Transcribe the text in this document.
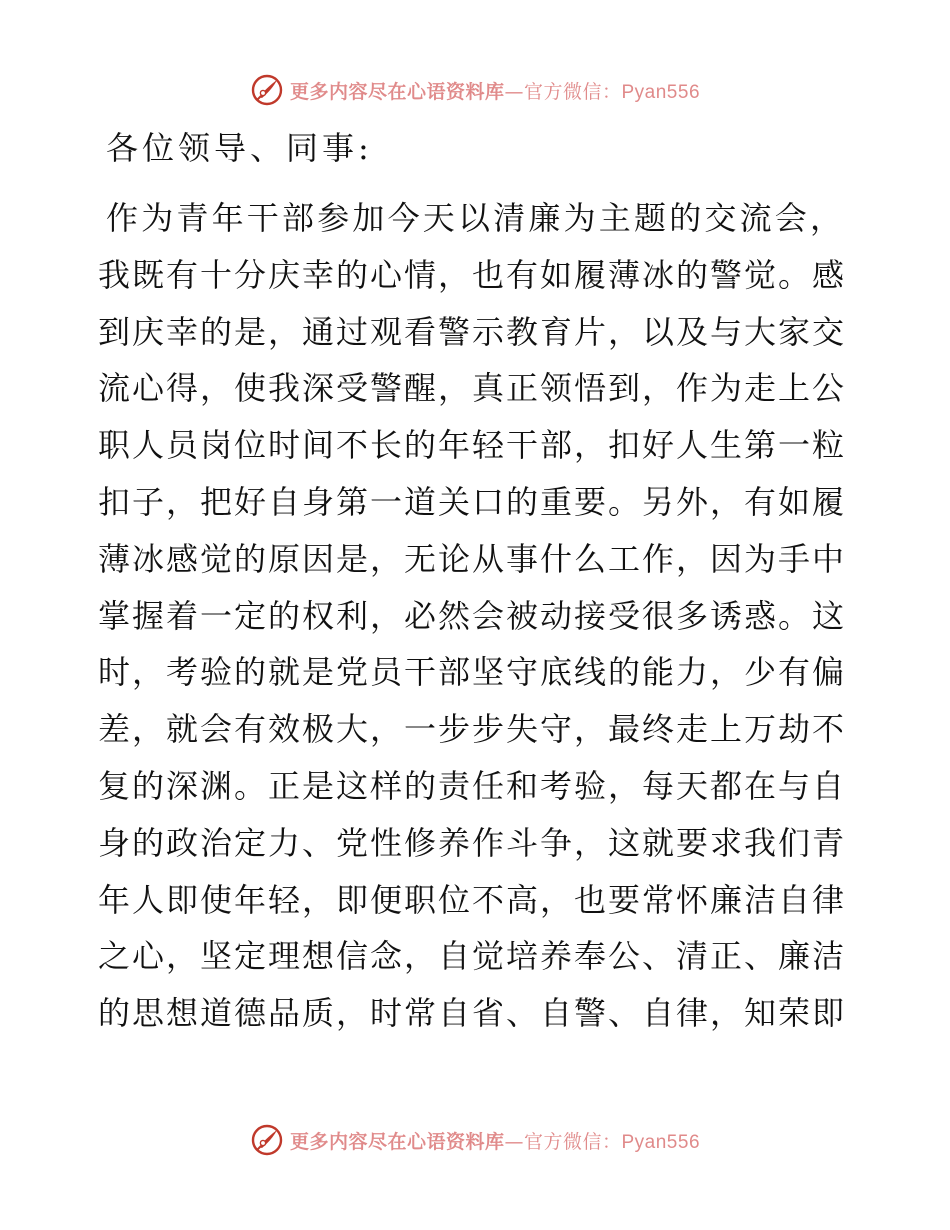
更多内容尽在心语资料库—官方微信：Pyan556
各位领导、同事:
作为青年干部参加今天以清廉为主题的交流会，
我既有十分庆幸的心情，也有如履薄冰的警觉。感
到庆幸的是，通过观看警示教育片，以及与大家交
流心得，使我深受警醒，真正领悟到，作为走上公
职人员岗位时间不长的年轻干部，扣好人生第一粒
扣子，把好自身第一道关口的重要。另外，有如履
薄冰感觉的原因是，无论从事什么工作，因为手中
掌握着一定的权利，必然会被动接受很多诱惑。这
时，考验的就是党员干部坚守底线的能力，少有偏
差，就会有效极大，一步步失守，最终走上万劫不
复的深渊。正是这样的责任和考验，每天都在与自
身的政治定力、党性修养作斗争，这就要求我们青
年人即使年轻，即便职位不高，也要常怀廉洁自律
之心，坚定理想信念，自觉培养奉公、清正、廉洁
的思想道德品质，时常自省、自警、自律，知荣即
更多内容尽在心语资料库—官方微信：Pyan556
